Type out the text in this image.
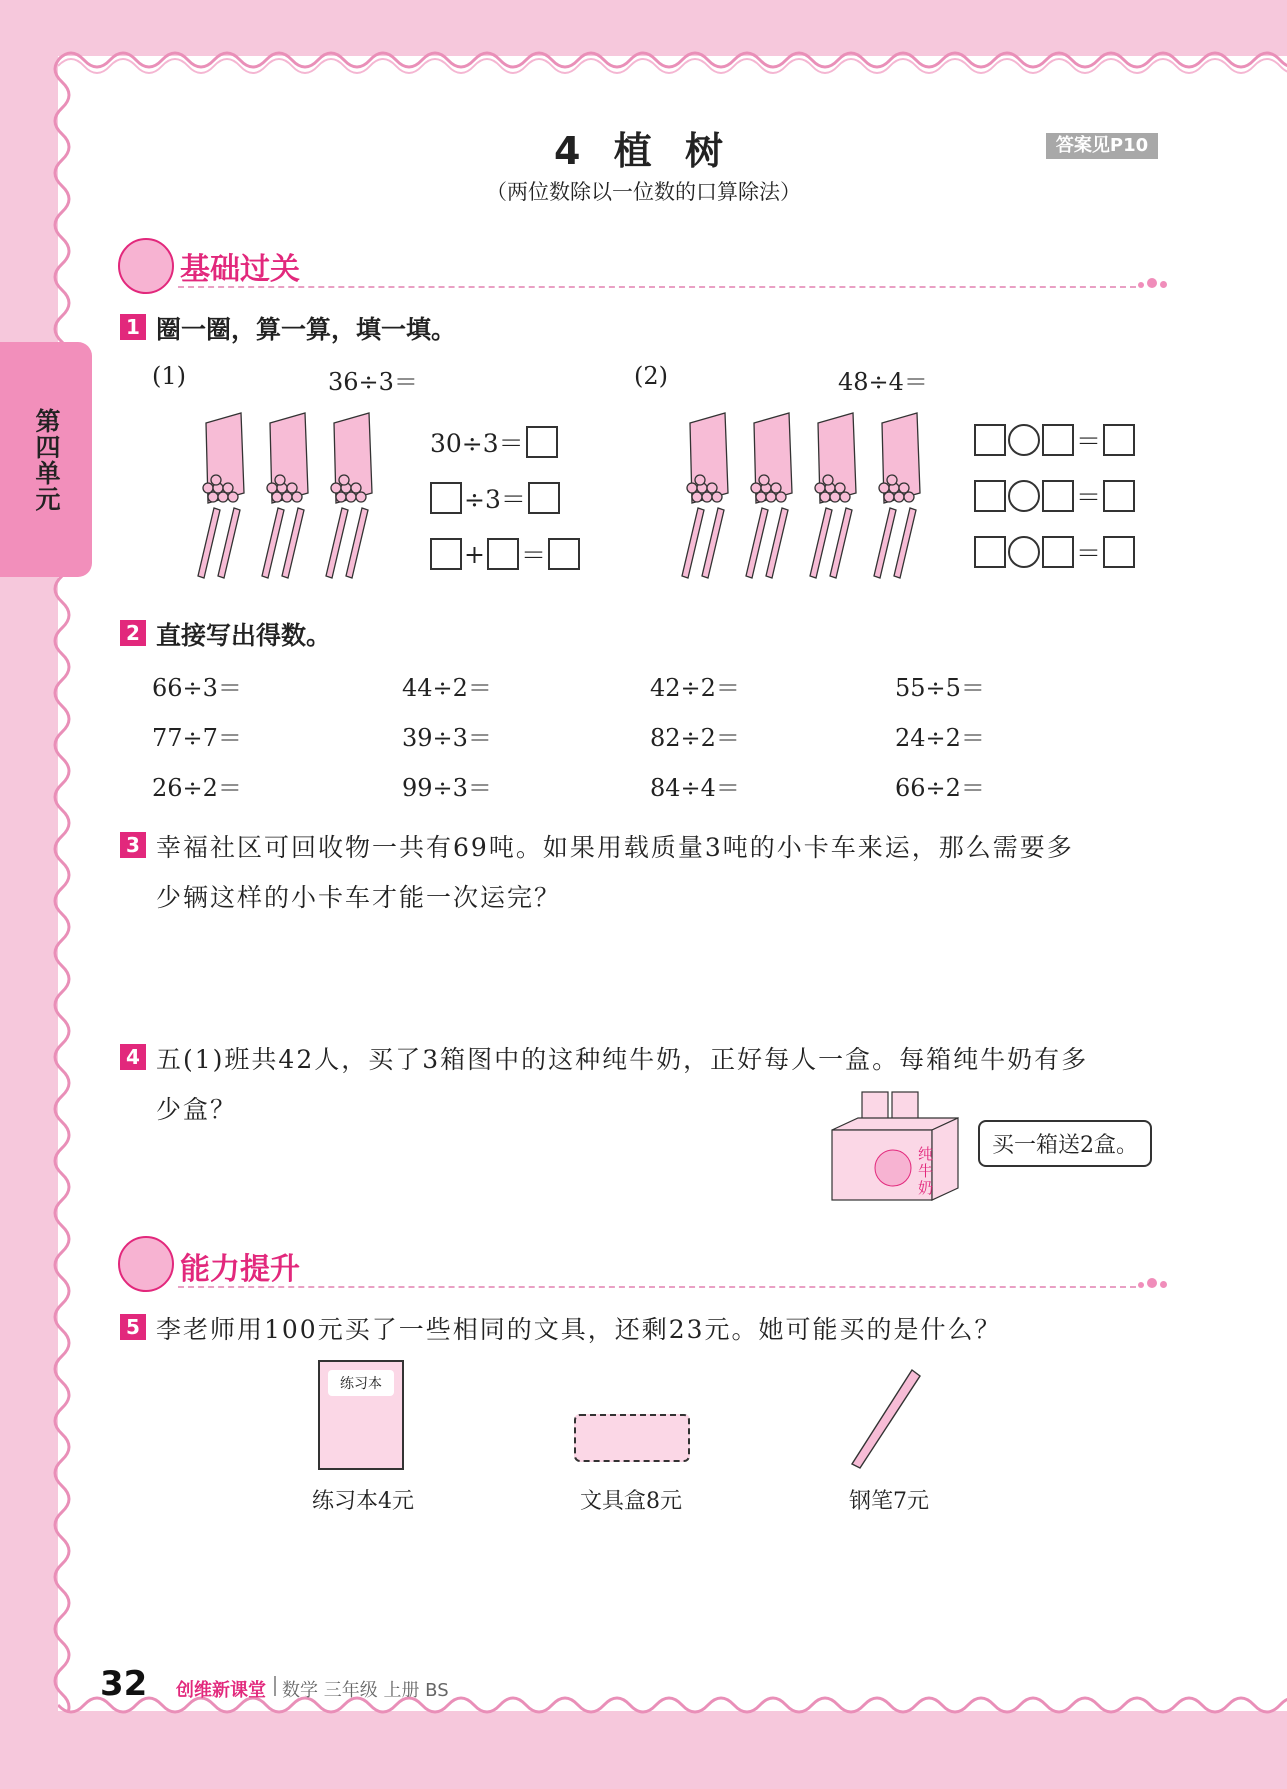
第四单元
4 植 树
（两位数除以一位数的口算除法）
答案见P10
基础过关
1 圈一圈，算一算，填一填。
(1)	36÷3＝	(2)	48÷4＝
30÷3＝
÷3＝
+ ＝
＝
＝
＝
2 直接写出得数。
66÷3＝	44÷2＝	42÷2＝	55÷5＝
77÷7＝	39÷3＝	82÷2＝	24÷2＝
26÷2＝	99÷3＝	84÷4＝	66÷2＝
3 幸福社区可回收物一共有69吨。如果用载质量3吨的小卡车来运，那么需要多
少辆这样的小卡车才能一次运完？
4 五(1)班共42人，买了3箱图中的这种纯牛奶，正好每人一盒。每箱纯牛奶有多
少盒？
纯牛奶
买一箱送2盒。
能力提升
5 李老师用100元买了一些相同的文具，还剩23元。她可能买的是什么？
练习本
练习本4元	文具盒8元	钢笔7元
32 创维新课堂 数学 三年级 上册 BS
